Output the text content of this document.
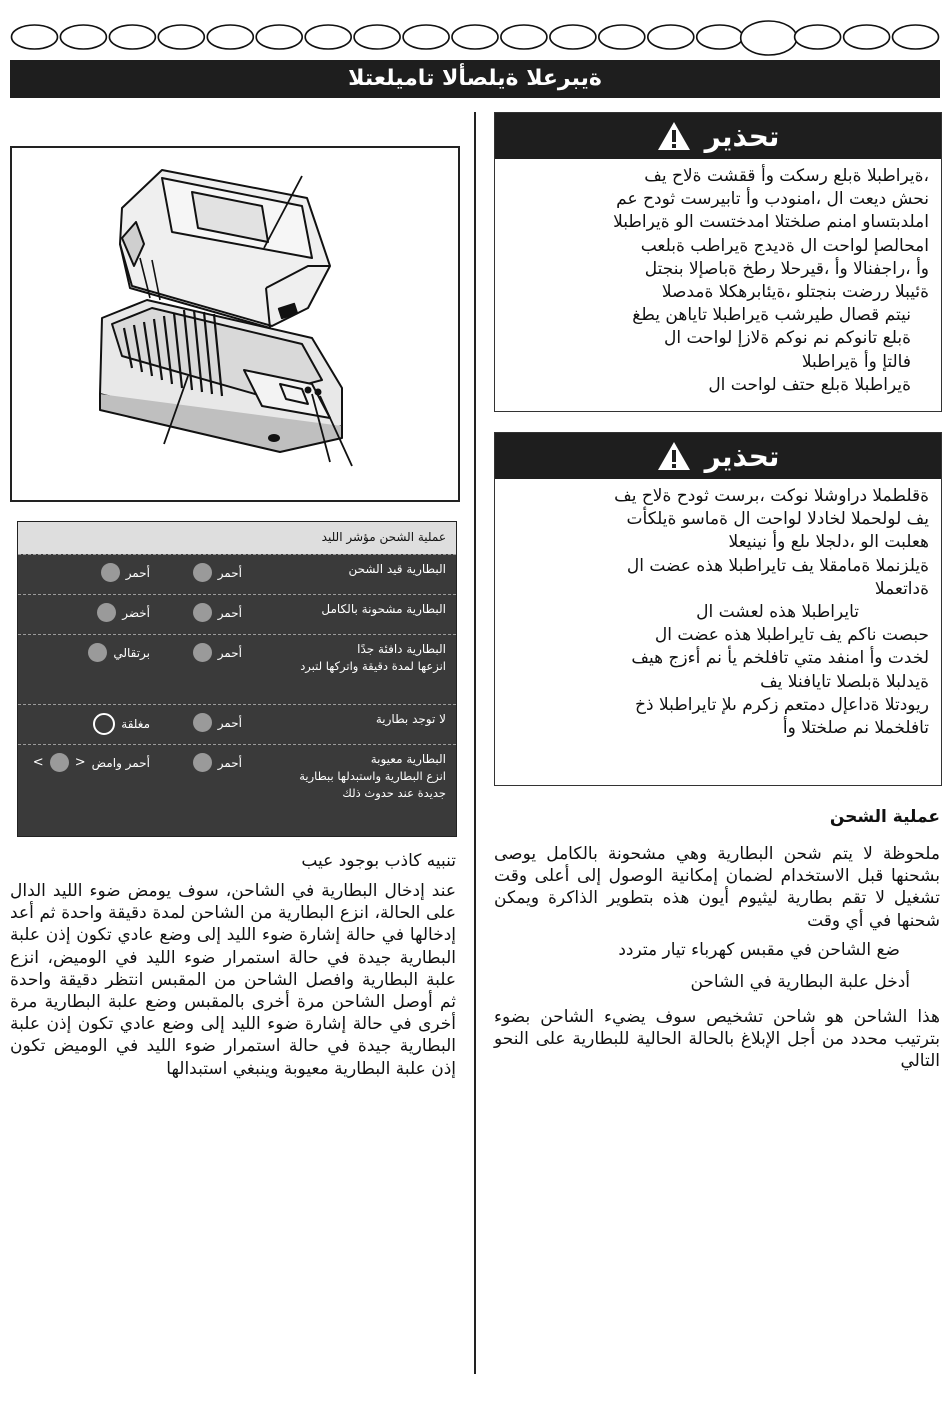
ةيبرعلا ةيلصألا تاميلعتلا
تحذير

،ةيراطبلا ةبلع رسكت وأ ققشت ةلاح يف

نحش ديعت ال ،امنودب وأ تابيرست ثودح عم

املدبتساو امنم صلختلا امدختست الو ةيراطبلا

امحالصإ لواحت ال ةديدج ةيراطب ةبلعب

وأ ،راجفنالا وأ ،قيرحلا رطخ ةباصإلا بنجتل

ةئيبلا ررضت بنجتلو ،ةيئابرهكلا ةمدصلا

نيتم قصال طيرشب ةيراطبلا تاياهن يطغ

ةبلع تانوكم نم نوكم ةلازإ لواحت ال

فالتإ وأ ةيراطبلا

ةيراطبلا ةبلع حتف لواحت ال

تحذير

ةقلطملا دراوشلا نوكت ،برست ثودح ةلاح يف

يف لولحملا لخادلا لواحت ال ةماسو ةيلكأت

هعلبت الو ،دلجلا ىلع وأ نينيعلا

ةيلزنملا ةمامقلا يف تايراطبلا هذه عضت ال

ةداتعملا

تايراطبلا هذه لعشت ال

حبصت ناكم يف تايراطبلا هذه عضت ال

لخدت وأ امنفد متي تافلخم يأ نم أءزج هيف

ةيدلبلا ةبلصلا تايافنلا يف

ريودتلا ةداعإل دمتعم زكرم ىلإ تايراطبلا ذخ

تافلخملا نم صلختلا وأ

عملية الشحن مؤشر الليد
البطارية قيد الشحن
أحمر
أحمر
البطارية مشحونة بالكامل
أحمر
أخضر
البطارية دافئة جدًا
انزعها لمدة دقيقة واتركها لتبرد
أحمر
برتقالي
لا توجد بطارية
أحمر
مغلقة
البطارية معيوبة
انزع البطارية واستبدلها ببطارية
جديدة عند حدوث ذلك
أحمر
أحمر وامض
<
>
تنبيه كاذب بوجود عيب

عند إدخال البطارية في الشاحن، سوف يومض ضوء الليد الدال على الحالة، انزع البطارية من الشاحن لمدة دقيقة واحدة ثم أعد إدخالها في حالة إشارة ضوء الليد إلى وضع عادي تكون إذن علبة البطارية جيدة في حالة استمرار ضوء الليد في الوميض، انزع علبة البطارية وافصل الشاحن من المقبس انتظر دقيقة واحدة ثم أوصل الشاحن مرة أخرى بالمقبس وضع علبة البطارية مرة أخرى في حالة إشارة ضوء الليد إلى وضع عادي تكون إذن علبة البطارية جيدة في حالة استمرار ضوء الليد في الوميض تكون إذن علبة البطارية معيوبة وينبغي استبدالها

عملية الشحن

ملحوظة لا يتم شحن البطارية وهي مشحونة بالكامل يوصى بشحنها قبل الاستخدام لضمان إمكانية الوصول إلى أعلى وقت تشغيل لا تقم بطارية ليثيوم أيون هذه بتطوير الذاكرة ويمكن شحنها في أي وقت

ضع الشاحن في مقبس كهرباء تيار متردد
أدخل علبة البطارية في الشاحن

هذا الشاحن هو شاحن تشخيص سوف يضيء الشاحن بضوء بترتيب محدد من أجل الإبلاغ بالحالة الحالية للبطارية على النحو التالي
